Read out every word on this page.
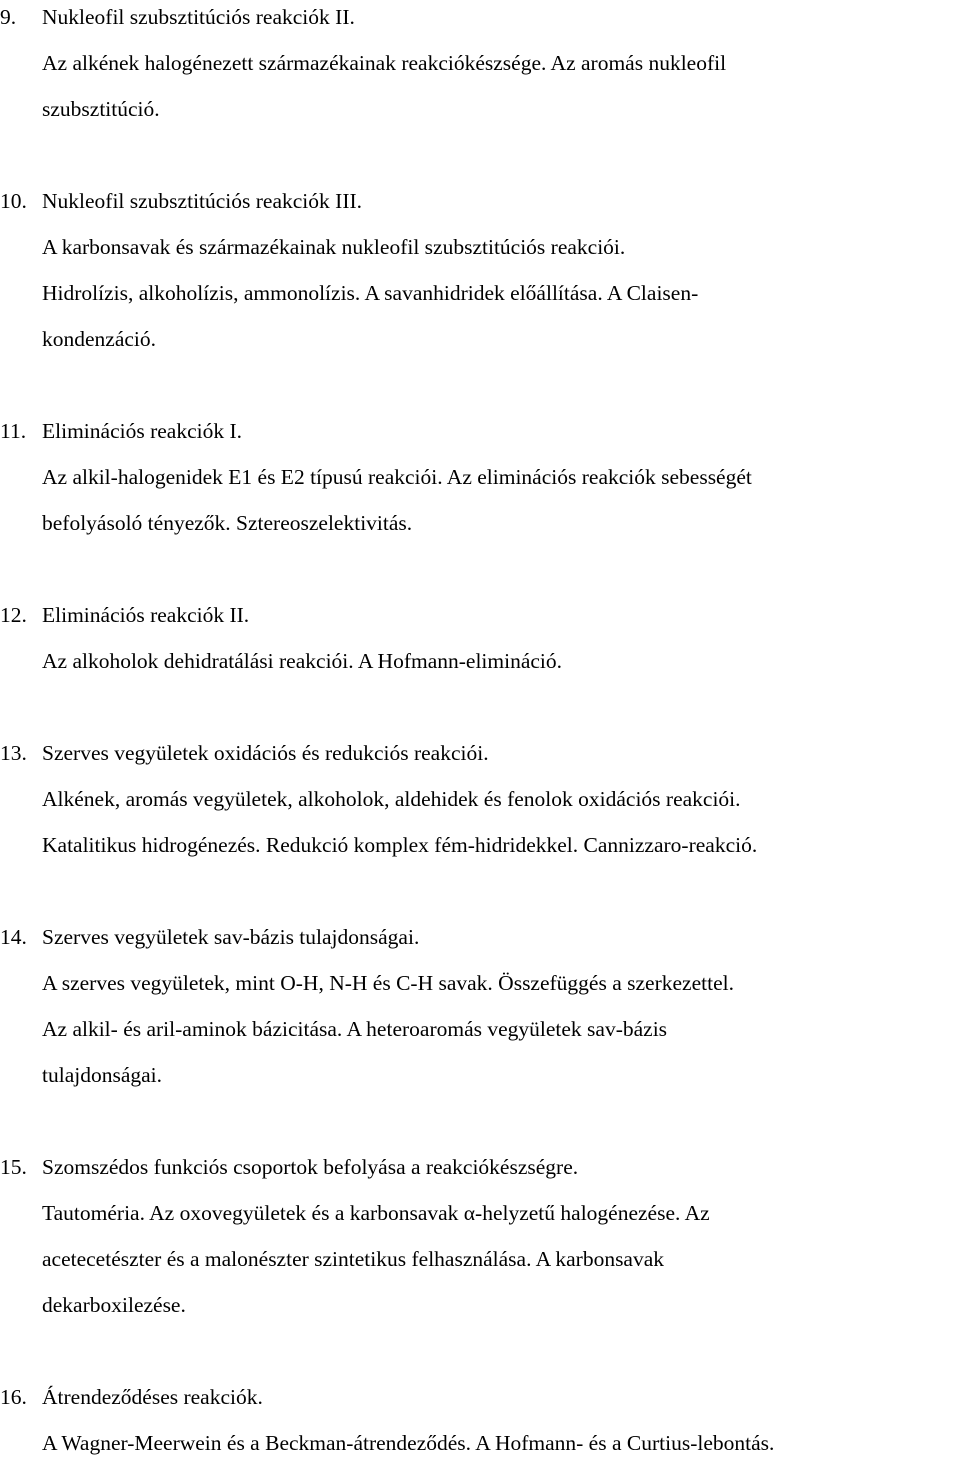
9. Nukleofil szubsztitúciós reakciók II.

Az alkének halogénezett származékainak reakciókészsége. Az aromás nukleofil

szubsztitúció.

10. Nukleofil szubsztitúciós reakciók III.

A karbonsavak és származékainak nukleofil szubsztitúciós reakciói.

Hidrolízis, alkoholízis, ammonolízis. A savanhidridek előállítása. A Claisen-

kondenzáció.

11. Eliminációs reakciók I.

Az alkil-halogenidek E1 és E2 típusú reakciói. Az eliminációs reakciók sebességét

befolyásoló tényezők. Sztereoszelektivitás.

12. Eliminációs reakciók II.

Az alkoholok dehidratálási reakciói. A Hofmann-elimináció.

13. Szerves vegyületek oxidációs és redukciós reakciói.

Alkének, aromás vegyületek, alkoholok, aldehidek és fenolok oxidációs reakciói.

Katalitikus hidrogénezés. Redukció komplex fém-hidridekkel. Cannizzaro-reakció.

14. Szerves vegyületek sav-bázis tulajdonságai.

A szerves vegyületek, mint O-H, N-H és C-H savak. Összefüggés a szerkezettel.

Az alkil- és aril-aminok bázicitása. A heteroaromás vegyületek sav-bázis

tulajdonságai.

15. Szomszédos funkciós csoportok befolyása a reakciókészségre.

Tautoméria. Az oxovegyületek és a karbonsavak α-helyzetű halogénezése. Az

acetecetészter és a malonészter szintetikus felhasználása. A karbonsavak

dekarboxilezése.

16. Átrendeződéses reakciók.

A Wagner-Meerwein és a Beckman-átrendeződés. A Hofmann- és a Curtius-lebontás.
